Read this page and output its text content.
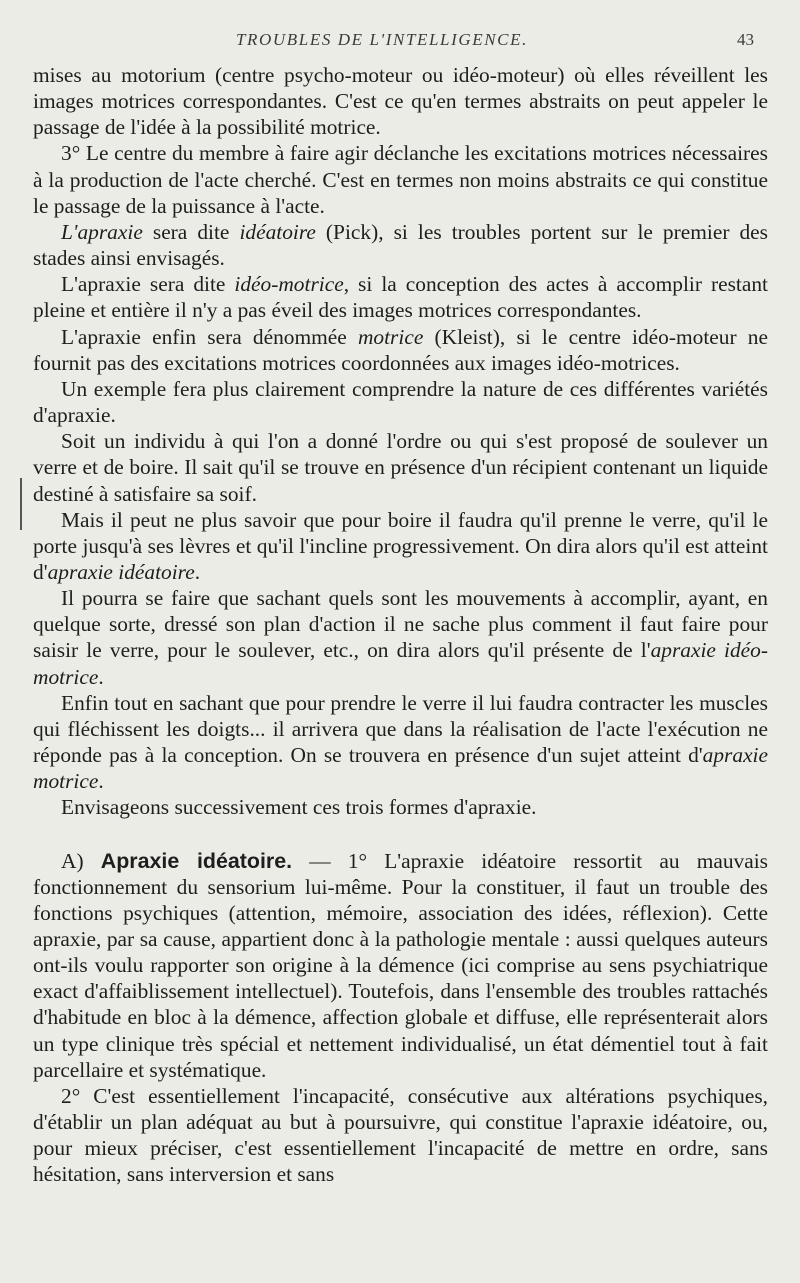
TROUBLES DE L'INTELLIGENCE.	43

mises au motorium (centre psycho-moteur ou idéo-moteur) où elles réveillent les images motrices correspondantes. C'est ce qu'en termes abstraits on peut appeler le passage de l'idée à la possibilité motrice.

3° Le centre du membre à faire agir déclanche les excitations motrices nécessaires à la production de l'acte cherché. C'est en termes non moins abstraits ce qui constitue le passage de la puissance à l'acte.

L'apraxie sera dite idéatoire (Pick), si les troubles portent sur le premier des stades ainsi envisagés.

L'apraxie sera dite idéo-motrice, si la conception des actes à accomplir restant pleine et entière il n'y a pas éveil des images motrices correspondantes.

L'apraxie enfin sera dénommée motrice (Kleist), si le centre idéo-moteur ne fournit pas des excitations motrices coordonnées aux images idéo-motrices.

Un exemple fera plus clairement comprendre la nature de ces différentes variétés d'apraxie.

Soit un individu à qui l'on a donné l'ordre ou qui s'est proposé de soulever un verre et de boire. Il sait qu'il se trouve en présence d'un récipient contenant un liquide destiné à satisfaire sa soif.

Mais il peut ne plus savoir que pour boire il faudra qu'il prenne le verre, qu'il le porte jusqu'à ses lèvres et qu'il l'incline progressivement. On dira alors qu'il est atteint d'apraxie idéatoire.

Il pourra se faire que sachant quels sont les mouvements à accomplir, ayant, en quelque sorte, dressé son plan d'action il ne sache plus comment il faut faire pour saisir le verre, pour le soulever, etc., on dira alors qu'il présente de l'apraxie idéo-motrice.

Enfin tout en sachant que pour prendre le verre il lui faudra contracter les muscles qui fléchissent les doigts... il arrivera que dans la réalisation de l'acte l'exécution ne réponde pas à la conception. On se trouvera en présence d'un sujet atteint d'apraxie motrice.

Envisageons successivement ces trois formes d'apraxie.

A) Apraxie idéatoire. — 1° L'apraxie idéatoire ressortit au mauvais fonctionnement du sensorium lui-même. Pour la constituer, il faut un trouble des fonctions psychiques (attention, mémoire, association des idées, réflexion). Cette apraxie, par sa cause, appartient donc à la pathologie mentale : aussi quelques auteurs ont-ils voulu rapporter son origine à la démence (ici comprise au sens psychiatrique exact d'affaiblissement intellectuel). Toutefois, dans l'ensemble des troubles rattachés d'habitude en bloc à la démence, affection globale et diffuse, elle représenterait alors un type clinique très spécial et nettement individualisé, un état démentiel tout à fait parcellaire et systématique.

2° C'est essentiellement l'incapacité, consécutive aux altérations psychiques, d'établir un plan adéquat au but à poursuivre, qui constitue l'apraxie idéatoire, ou, pour mieux préciser, c'est essentiellement l'incapacité de mettre en ordre, sans hésitation, sans interversion et sans
